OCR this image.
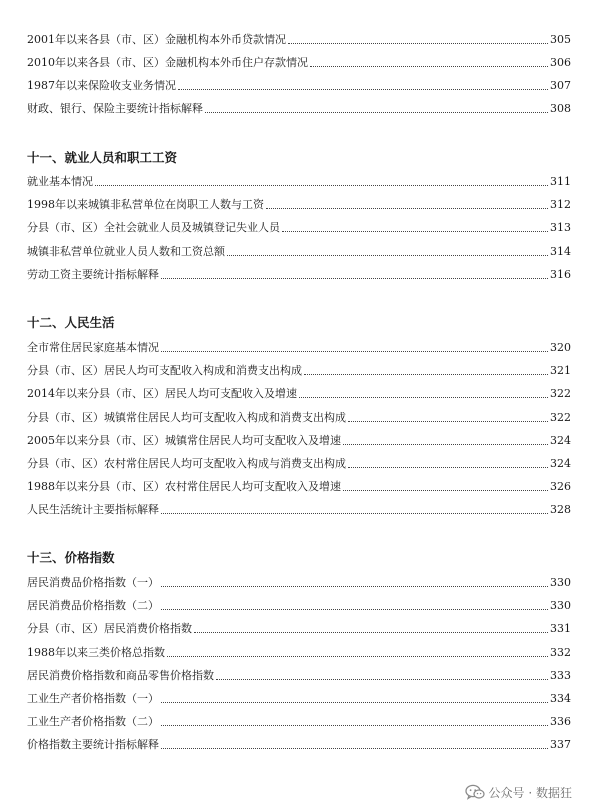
2001年以来各县（市、区）金融机构本外币贷款情况	305
2010年以来各县（市、区）金融机构本外币住户存款情况	306
1987年以来保险收支业务情况	307
财政、银行、保险主要统计指标解释	308
十一、就业人员和职工工资
就业基本情况	311
1998年以来城镇非私营单位在岗职工人数与工资	312
分县（市、区）全社会就业人员及城镇登记失业人员	313
城镇非私营单位就业人员人数和工资总额	314
劳动工资主要统计指标解释	316
十二、人民生活
全市常住居民家庭基本情况	320
分县（市、区）居民人均可支配收入构成和消费支出构成	321
2014年以来分县（市、区）居民人均可支配收入及增速	322
分县（市、区）城镇常住居民人均可支配收入构成和消费支出构成	322
2005年以来分县（市、区）城镇常住居民人均可支配收入及增速	324
分县（市、区）农村常住居民人均可支配收入构成与消费支出构成	324
1988年以来分县（市、区）农村常住居民人均可支配收入及增速	326
人民生活统计主要指标解释	328
十三、价格指数
居民消费品价格指数（一）	330
居民消费品价格指数（二）	330
分县（市、区）居民消费价格指数	331
1988年以来三类价格总指数	332
居民消费价格指数和商品零售价格指数	333
工业生产者价格指数（一）	334
工业生产者价格指数（二）	336
价格指数主要统计指标解释	337
公众号 · 数据狂
